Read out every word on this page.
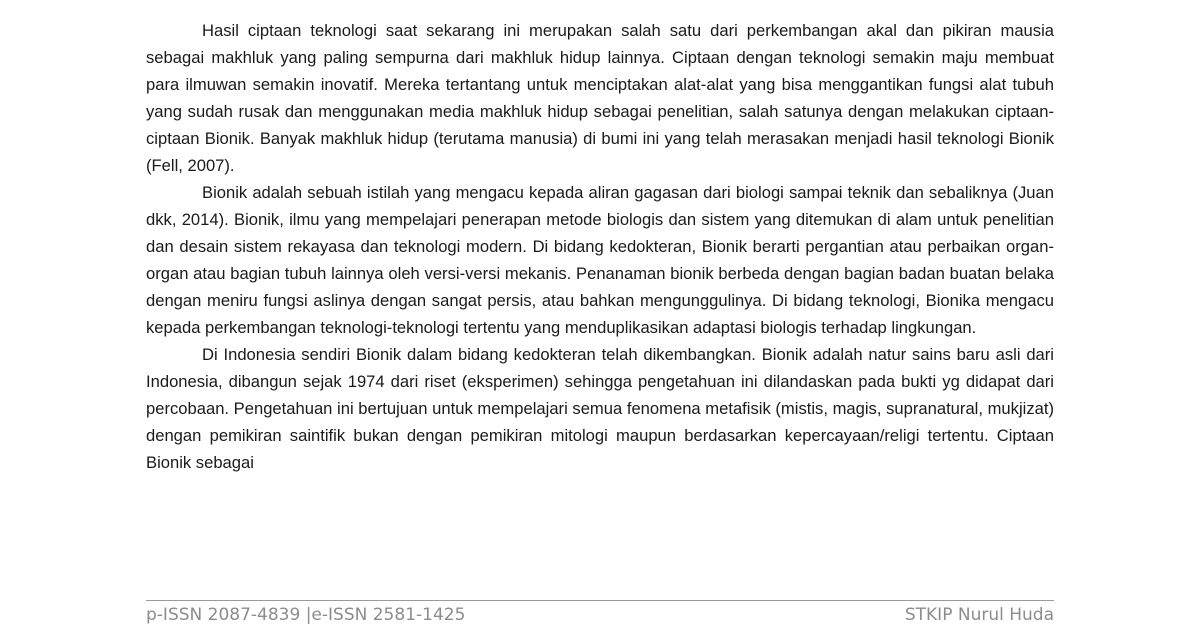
Hasil ciptaan teknologi saat sekarang ini merupakan salah satu dari perkembangan akal dan pikiran mausia sebagai makhluk yang paling sempurna dari makhluk hidup lainnya. Ciptaan dengan teknologi semakin maju membuat para ilmuwan semakin inovatif. Mereka tertantang untuk menciptakan alat-alat yang bisa menggantikan fungsi alat tubuh yang sudah rusak dan menggunakan media makhluk hidup sebagai penelitian, salah satunya dengan melakukan ciptaan-ciptaan Bionik. Banyak makhluk hidup (terutama manusia) di bumi ini yang telah merasakan menjadi hasil teknologi Bionik (Fell, 2007).

Bionik adalah sebuah istilah yang mengacu kepada aliran gagasan dari biologi sampai teknik dan sebaliknya (Juan dkk, 2014). Bionik, ilmu yang mempelajari penerapan metode biologis dan sistem yang ditemukan di alam untuk penelitian dan desain sistem rekayasa dan teknologi modern. Di bidang kedokteran, Bionik berarti pergantian atau perbaikan organ-organ atau bagian tubuh lainnya oleh versi-versi mekanis. Penanaman bionik berbeda dengan bagian badan buatan belaka dengan meniru fungsi aslinya dengan sangat persis, atau bahkan mengunggulinya. Di bidang teknologi, Bionika mengacu kepada perkembangan teknologi-teknologi tertentu yang menduplikasikan adaptasi biologis terhadap lingkungan.

Di Indonesia sendiri Bionik dalam bidang kedokteran telah dikembangkan. Bionik adalah natur sains baru asli dari Indonesia, dibangun sejak 1974 dari riset (eksperimen) sehingga pengetahuan ini dilandaskan pada bukti yg didapat dari percobaan. Pengetahuan ini bertujuan untuk mempelajari semua fenomena metafisik (mistis, magis, supranatural, mukjizat) dengan pemikiran saintifik bukan dengan pemikiran mitologi maupun berdasarkan kepercayaan/religi tertentu. Ciptaan Bionik sebagai

p-ISSN 2087-4839 |e-ISSN 2581-1425	STKIP Nurul Huda
